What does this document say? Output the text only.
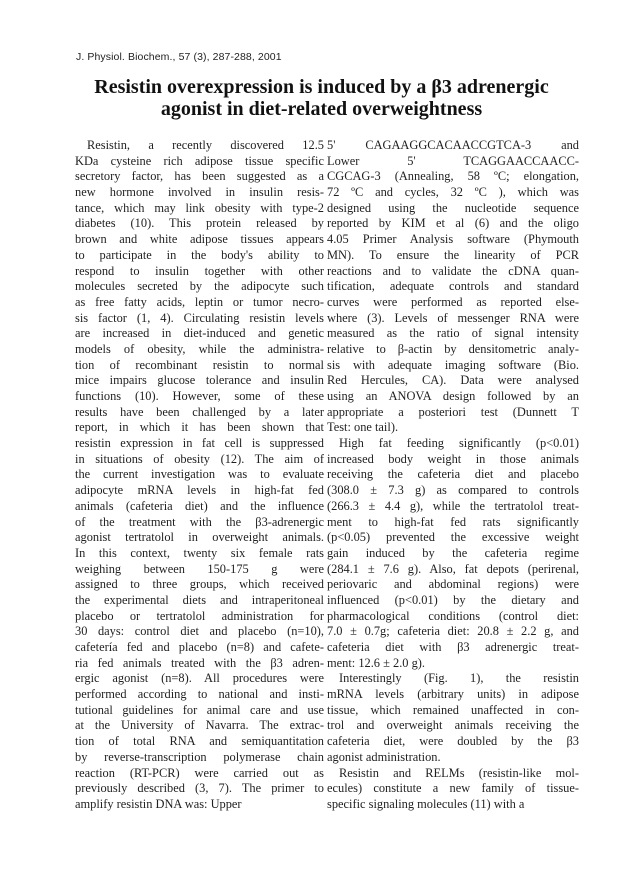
J. Physiol. Biochem., 57 (3), 287-288, 2001
Resistin overexpression is induced by a β3 adrenergic
agonist in diet-related overweightness
Resistin, a recently discovered 12.5
KDa cysteine rich adipose tissue specific
secretory factor, has been suggested as a
new hormone involved in insulin resis-
tance, which may link obesity with type-2
diabetes (10). This protein released by
brown and white adipose tissues appears
to participate in the body's ability to
respond to insulin together with other
molecules secreted by the adipocyte such
as free fatty acids, leptin or tumor necro-
sis factor (1, 4). Circulating resistin levels
are increased in diet-induced and genetic
models of obesity, while the administra-
tion of recombinant resistin to normal
mice impairs glucose tolerance and insulin
functions (10). However, some of these
results have been challenged by a later
report, in which it has been shown that
resistin expression in fat cell is suppressed
in situations of obesity (12). The aim of
the current investigation was to evaluate
adipocyte mRNA levels in high-fat fed
animals (cafeteria diet) and the influence
of the treatment with the β3-adrenergic
agonist tertratolol in overweight animals.
In this context, twenty six female rats
weighing between 150-175 g were
assigned to three groups, which received
the experimental diets and intraperitoneal
placebo or tertratolol administration for
30 days: control diet and placebo (n=10),
cafetería fed and placebo (n=8) and cafete-
ria fed animals treated with the β3 adren-
ergic agonist (n=8). All procedures were
performed according to national and insti-
tutional guidelines for animal care and use
at the University of Navarra. The extrac-
tion of total RNA and semiquantitation
by reverse-transcription polymerase chain
reaction (RT-PCR) were carried out as
previously described (3, 7). The primer to
amplify resistin DNA was: Upper
5' CAGAAGGCACAACCGTCA-3 and
Lower 5' TCAGGAACCAACC-
CGCAG-3 (Annealing, 58 ºC; elongation,
72 ºC and cycles, 32 ºC ), which was
designed using the nucleotide sequence
reported by KIM et al (6) and the oligo
4.05 Primer Analysis software (Phymouth
MN). To ensure the linearity of PCR
reactions and to validate the cDNA quan-
tification, adequate controls and standard
curves were performed as reported else-
where (3). Levels of messenger RNA were
measured as the ratio of signal intensity
relative to β-actin by densitometric analy-
sis with adequate imaging software (Bio.
Red Hercules, CA). Data were analysed
using an ANOVA design followed by an
appropriate a posteriori test (Dunnett T
Test: one tail).
High fat feeding significantly (p<0.01)
increased body weight in those animals
receiving the cafeteria diet and placebo
(308.0 ± 7.3 g) as compared to controls
(266.3 ± 4.4 g), while the tertratolol treat-
ment to high-fat fed rats significantly
(p<0.05) prevented the excessive weight
gain induced by the cafeteria regime
(284.1 ± 7.6 g). Also, fat depots (perirenal,
periovaric and abdominal regions) were
influenced (p<0.01) by the dietary and
pharmacological conditions (control diet:
7.0 ± 0.7g; cafeteria diet: 20.8 ± 2.2 g, and
cafeteria diet with β3 adrenergic treat-
ment: 12.6 ± 2.0 g).
Interestingly (Fig. 1), the resistin
mRNA levels (arbitrary units) in adipose
tissue, which remained unaffected in con-
trol and overweight animals receiving the
cafeteria diet, were doubled by the β3
agonist administration.
Resistin and RELMs (resistin-like mol-
ecules) constitute a new family of tissue-
specific signaling molecules (11) with a
